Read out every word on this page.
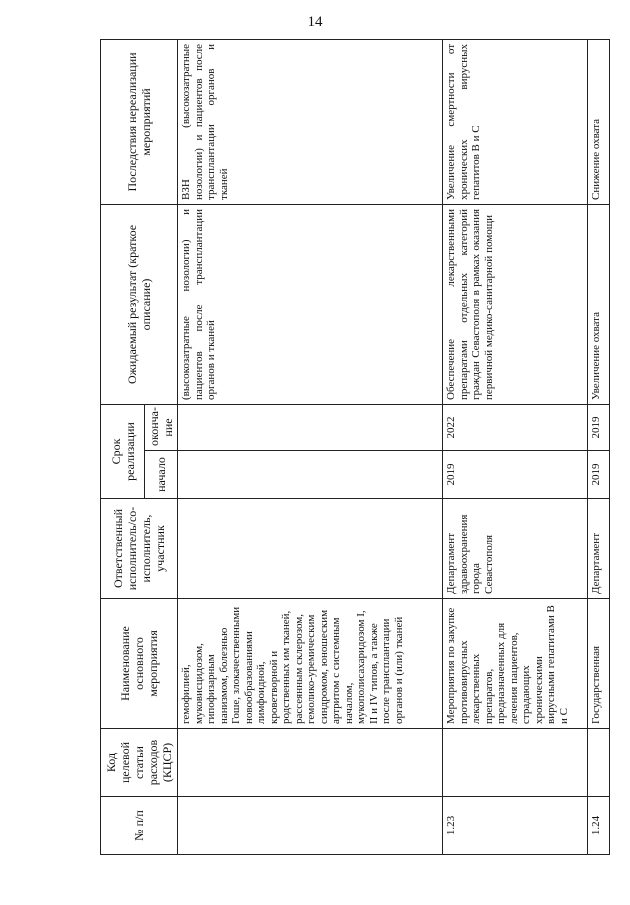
14
№ п/п	Код целевой статьи расходов (КЦСР)	Наименование основного мероприятия	Ответственный исполнитель/со-исполнитель, участник	Срок реализации		Ожидаемый результат (краткое описание)	Последствия нереализации мероприятий
				начало	оконча-ние		
		гемофилией, муковисцидозом, гипофизарным нанизмом, болезнью Гоше, злокачественными новообразованиями лимфоидной, кроветворной и родственных им тканей, рассеянным склерозом, гемолико-уремическим синдромом, юношеским артритом с системным началом, мукополисахаридозом I, II и IV типов, а также после трансплантации органов и (или) тканей				(высокозатратные нозологии) и пациентов после трансплантации органов и тканей	ВЗН (высокозатратные нозологии) и пациентов после трансплантации органов и тканей
1.23		Мероприятия по закупке противовирусных лекарственных препаратов, предназначенных для лечения пациентов, страдающих хроническими вирусными гепатитами В и С	Департамент здравоохранения города Севастополя	2019	2022	Обеспечение лекарственными препаратами отдельных категорий граждан Севастополя в рамках оказания первичной медико-санитарной помощи	Увеличение смертности от хронических вирусных гепатитов В и С
1.24		Государственная	Департамент	2019	2019	Увеличение охвата	Снижение охвата
